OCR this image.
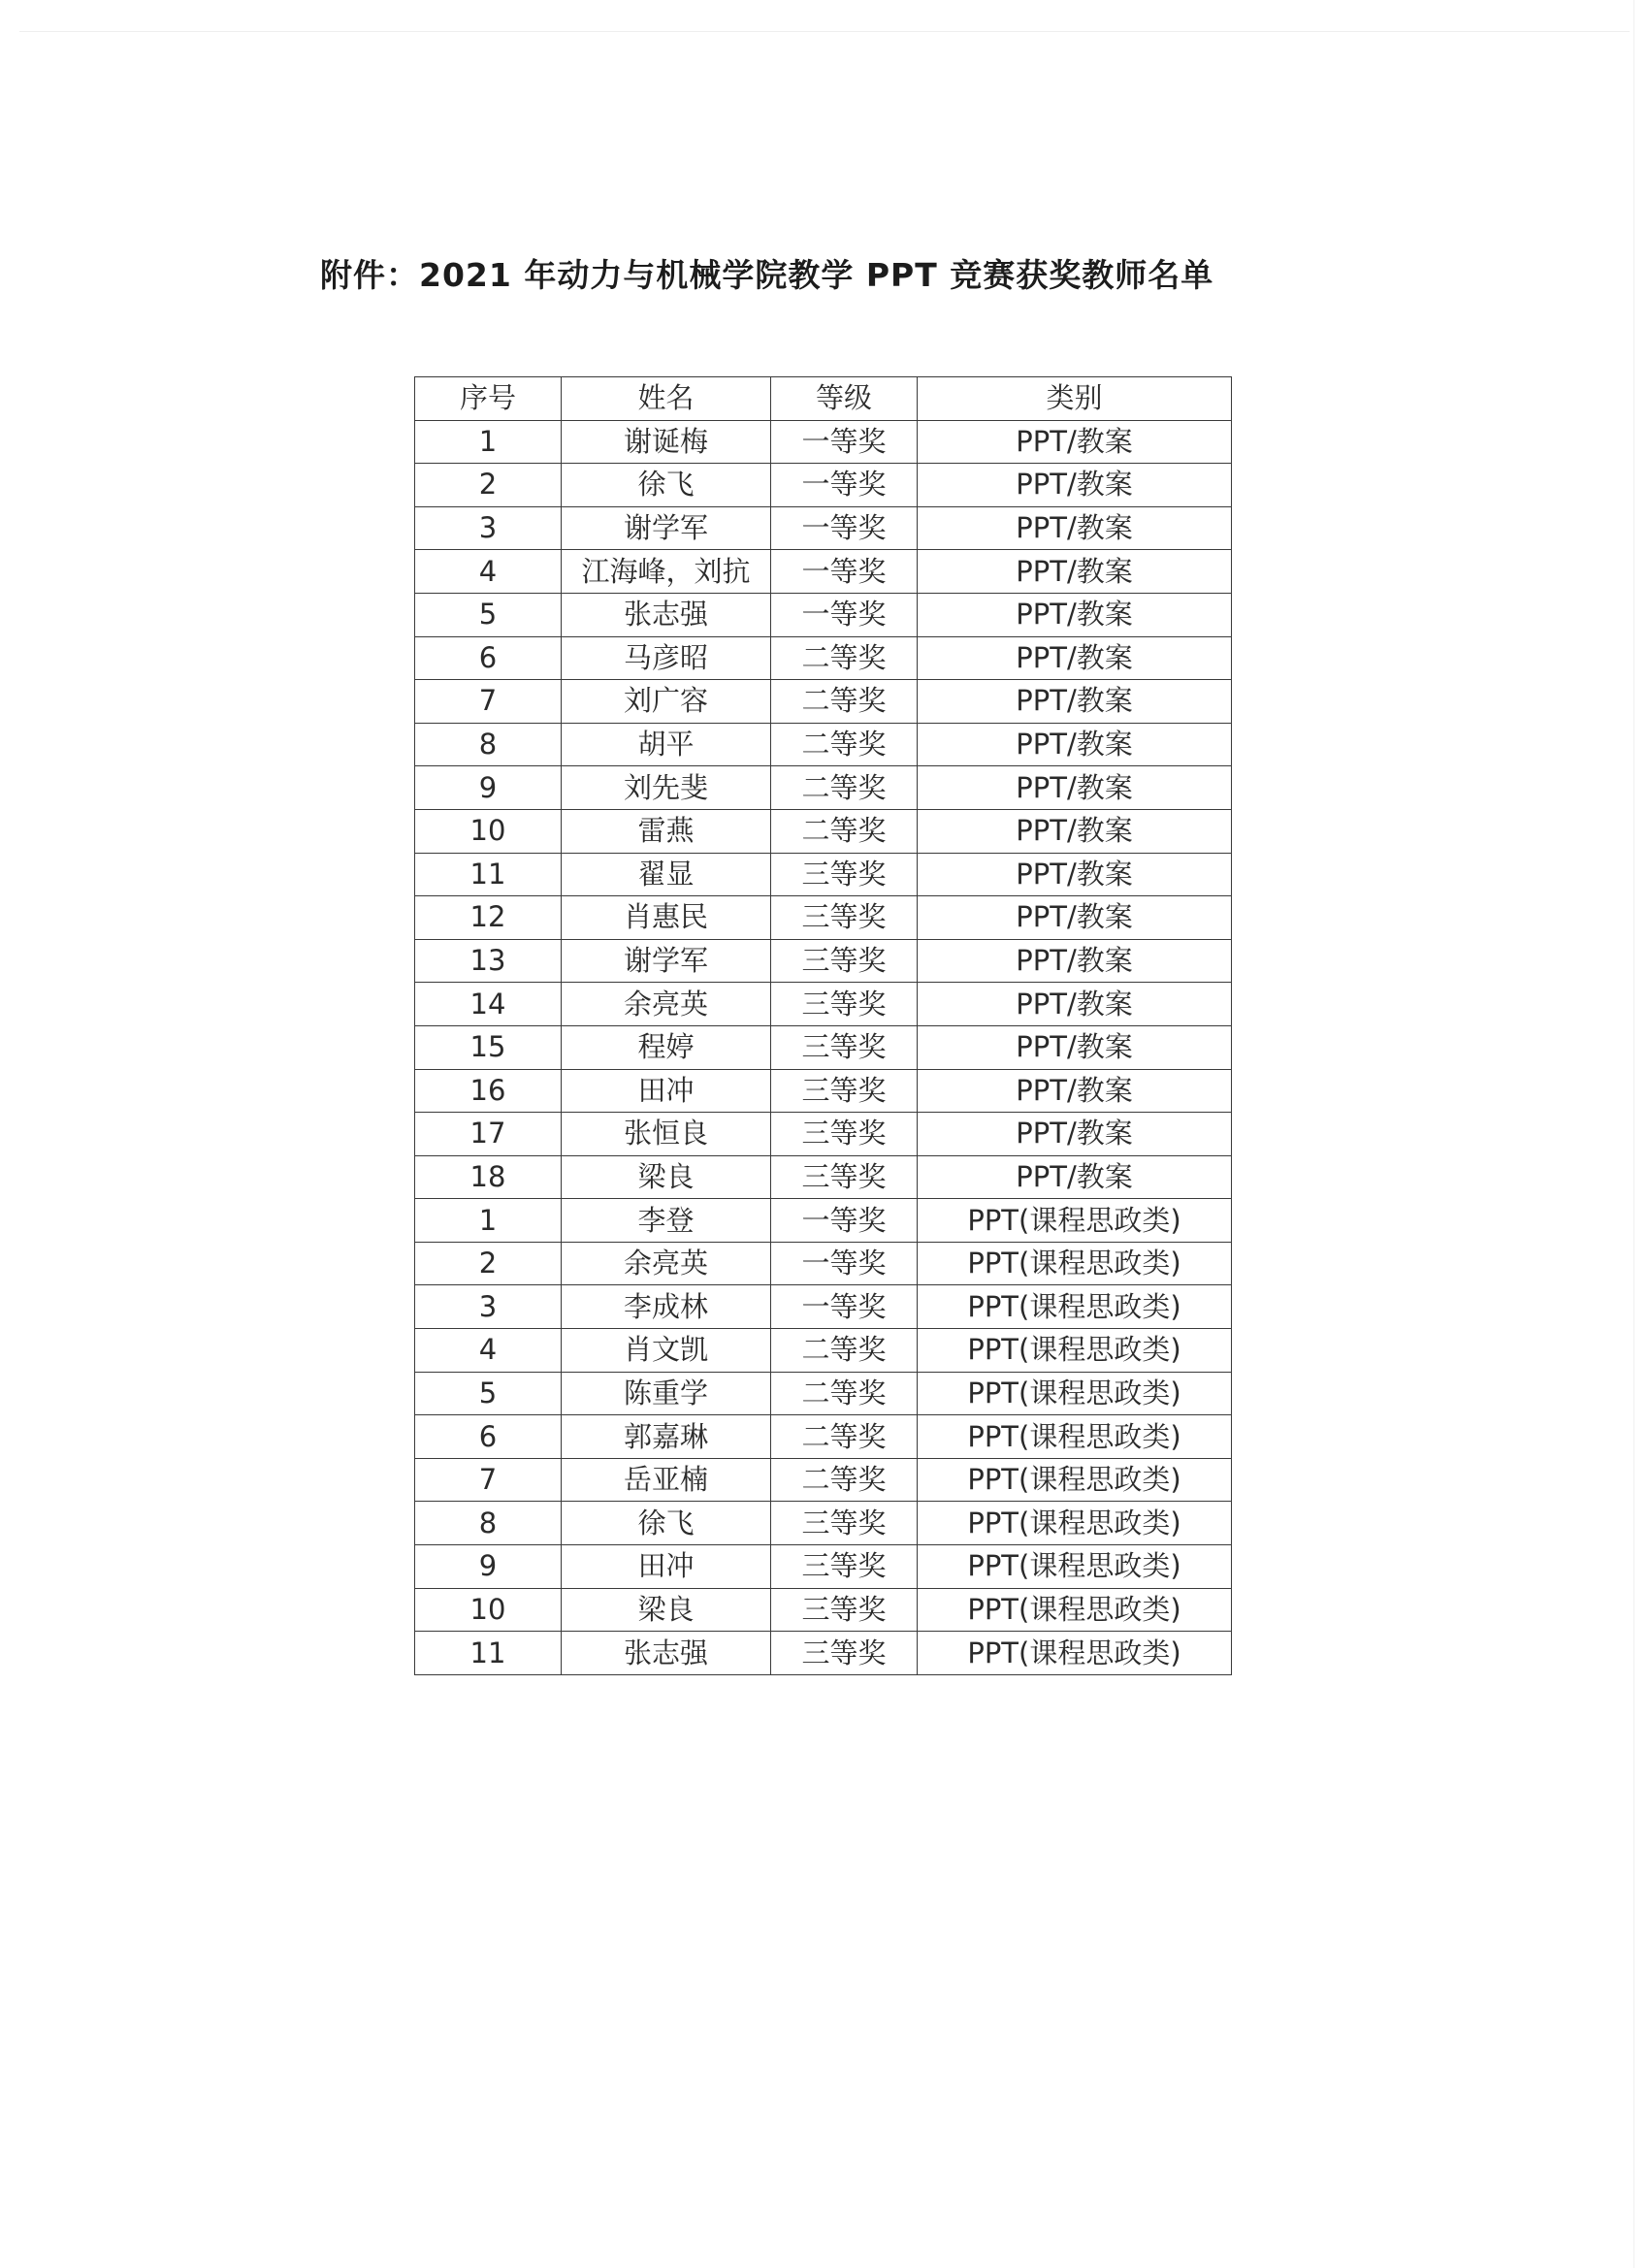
附件：2021 年动力与机械学院教学 PPT 竞赛获奖教师名单
序号	姓名	等级	类别
1	谢诞梅	一等奖	PPT/教案
2	徐飞	一等奖	PPT/教案
3	谢学军	一等奖	PPT/教案
4	江海峰，刘抗	一等奖	PPT/教案
5	张志强	一等奖	PPT/教案
6	马彦昭	二等奖	PPT/教案
7	刘广容	二等奖	PPT/教案
8	胡平	二等奖	PPT/教案
9	刘先斐	二等奖	PPT/教案
10	雷燕	二等奖	PPT/教案
11	翟显	三等奖	PPT/教案
12	肖惠民	三等奖	PPT/教案
13	谢学军	三等奖	PPT/教案
14	余亮英	三等奖	PPT/教案
15	程婷	三等奖	PPT/教案
16	田冲	三等奖	PPT/教案
17	张恒良	三等奖	PPT/教案
18	梁良	三等奖	PPT/教案
1	李登	一等奖	PPT(课程思政类)
2	余亮英	一等奖	PPT(课程思政类)
3	李成林	一等奖	PPT(课程思政类)
4	肖文凯	二等奖	PPT(课程思政类)
5	陈重学	二等奖	PPT(课程思政类)
6	郭嘉琳	二等奖	PPT(课程思政类)
7	岳亚楠	二等奖	PPT(课程思政类)
8	徐飞	三等奖	PPT(课程思政类)
9	田冲	三等奖	PPT(课程思政类)
10	梁良	三等奖	PPT(课程思政类)
11	张志强	三等奖	PPT(课程思政类)
